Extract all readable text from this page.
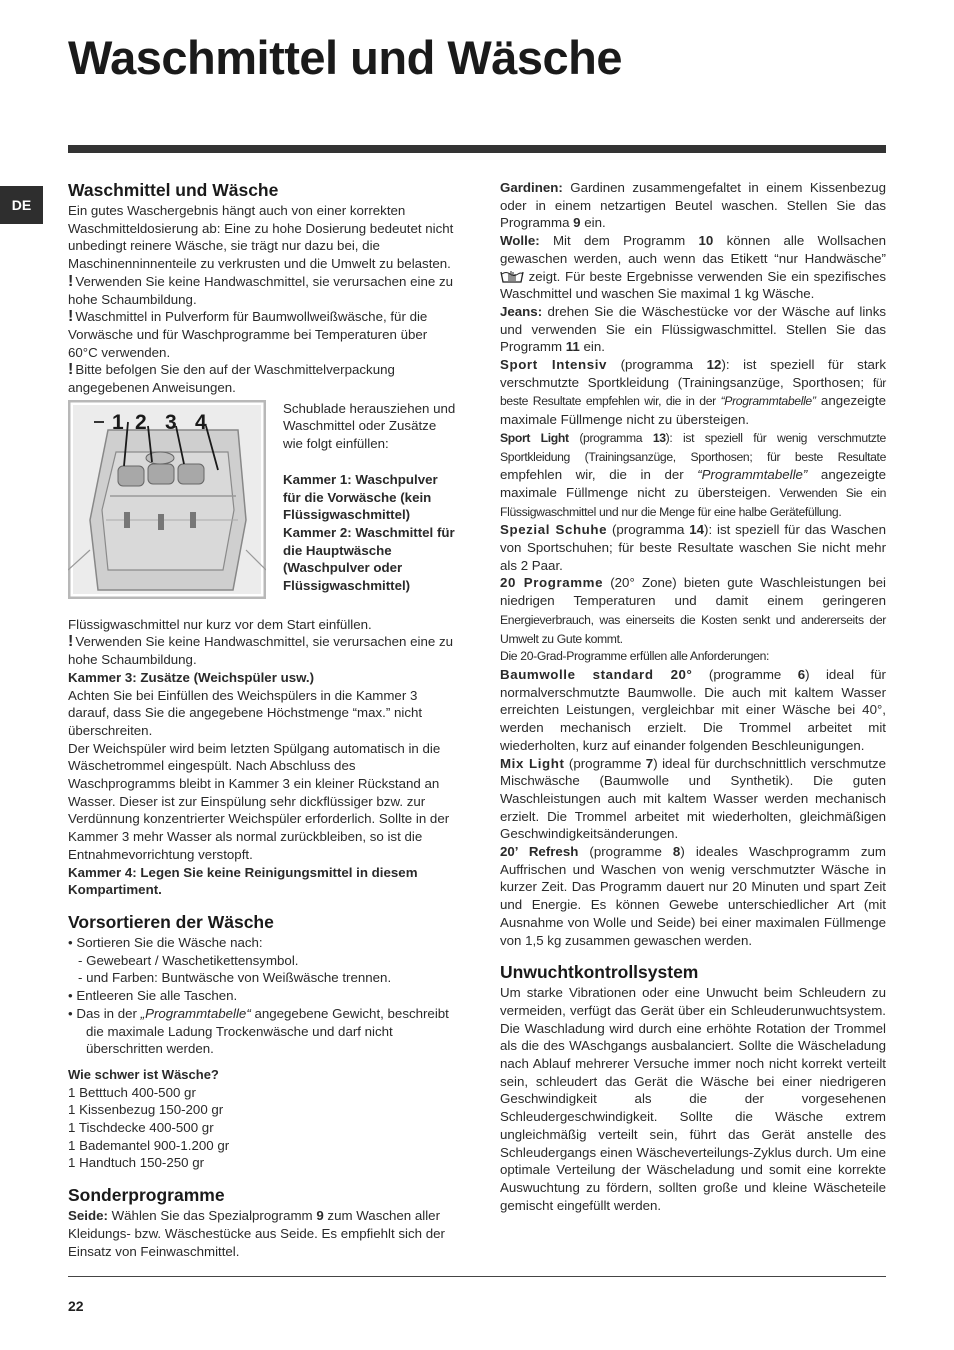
Waschmittel und Wäsche
DE
Waschmittel und Wäsche

Ein gutes Waschergebnis hängt auch von einer korrekten Waschmitteldosierung ab: Eine zu hohe Dosierung bedeutet nicht unbedingt reinere Wäsche, sie trägt nur dazu bei, die Maschinenninnenteile zu verkrusten und die Umwelt zu belasten.

! Verwenden Sie keine Handwaschmittel, sie verursachen eine zu hohe Schaumbildung.

! Waschmittel in Pulverform für Baumwollweißwäsche, für die Vorwäsche und für Waschprogramme bei Temperaturen über 60°C verwenden.

! Bitte befolgen Sie den auf der Waschmittelverpackung angegebenen Anweisungen.

1 2 3 4

Schublade herausziehen und Waschmittel oder Zusätze wie folgt einfüllen:

Kammer 1: Waschpulver für die Vorwäsche (kein Flüssigwaschmittel)

Kammer 2: Waschmittel für die Hauptwäsche (Waschpulver oder Flüssigwaschmittel)

Flüssigwaschmittel nur kurz vor dem Start einfüllen.

! Verwenden Sie keine Handwaschmittel, sie verursachen eine zu hohe Schaumbildung.

Kammer 3: Zusätze (Weichspüler usw.)

Achten Sie bei Einfüllen des Weichspülers in die Kammer 3 darauf, dass Sie die angegebene Höchstmenge “max.” nicht überschreiten.

Der Weichspüler wird beim letzten Spülgang automatisch in die Wäschetrommel eingespült. Nach Abschluss des Waschprogramms bleibt in Kammer 3 ein kleiner Rückstand an Wasser. Dieser ist zur Einspülung sehr dickflüssiger bzw. zur Verdünnung konzentrierter Weichspüler erforderlich. Sollte in der Kammer 3 mehr Wasser als normal zurückbleiben, so ist die Entnahmevorrichtung verstopft.

Kammer 4: Legen Sie keine Reinigungsmittel in diesem Kompartiment.

Vorsortieren der Wäsche

• Sortieren Sie die Wäsche nach:

- Gewebeart / Waschetikettensymbol.

- und Farben: Buntwäsche von Weißwäsche trennen.

• Entleeren Sie alle Taschen.

• Das in der „Programmtabelle“ angegebene Gewicht, beschreibt die maximale Ladung Trockenwäsche und darf nicht überschritten werden.

Wie schwer ist Wäsche?

1 Betttuch 400-500 gr

1 Kissenbezug 150-200 gr

1 Tischdecke 400-500 gr

1 Bademantel 900-1.200 gr

1 Handtuch 150-250 gr

Sonderprogramme

Seide: Wählen Sie das Spezialprogramm 9 zum Waschen aller Kleidungs- bzw. Wäschestücke aus Seide. Es empfiehlt sich der Einsatz von Feinwaschmittel.

Gardinen: Gardinen zusammengefaltet in einem Kissenbezug oder in einem netzartigen Beutel waschen. Stellen Sie das Programma 9 ein.

Wolle: Mit dem Programm 10 können alle Wollsachen gewaschen werden, auch wenn das Etikett “nur Handwäsche”  zeigt. Für beste Ergebnisse verwenden Sie ein spezifisches Waschmittel und waschen Sie maximal 1 kg Wäsche.

Jeans: drehen Sie die Wäschestücke vor der Wäsche auf links und verwenden Sie ein Flüssigwaschmittel. Stellen Sie das Programm 11 ein.

Sport Intensiv (programma 12): ist speziell für stark verschmutzte Sportkleidung (Trainingsanzüge, Sporthosen; für beste Resultate empfehlen wir, die in der “Programmtabelle” angezeigte maximale Füllmenge nicht zu übersteigen.

Sport Light (programma 13): ist speziell für wenig verschmutzte Sportkleidung (Trainingsanzüge, Sporthosen; für beste Resultate empfehlen wir, die in der “Programmtabelle” angezeigte maximale Füllmenge nicht zu übersteigen. Verwenden Sie ein Flüssigwaschmittel und nur die Menge für eine halbe Gerätefüllung.

Spezial Schuhe (programma 14): ist speziell für das Waschen von Sportschuhen; für beste Resultate waschen Sie nicht mehr als 2 Paar.

20 Programme (20° Zone) bieten gute Waschleistungen bei niedrigen Temperaturen und damit einem geringeren Energieverbrauch, was einerseits die Kosten senkt und andererseits der Umwelt zu Gute kommt.

Die 20-Grad-Programme erfüllen alle Anforderungen:

Baumwolle standard 20° (programme 6) ideal für normalverschmutzte Baumwolle. Die auch mit kaltem Wasser erreichten Leistungen, vergleichbar mit einer Wäsche bei 40°, werden mechanisch erzielt. Die Trommel arbeitet mit wiederholten, kurz auf einander folgenden Beschleunigungen.

Mix Light (programme 7) ideal für durchschnittlich verschmutze Mischwäsche (Baumwolle und Synthetik). Die guten Waschleistungen auch mit kaltem Wasser werden mechanisch erzielt. Die Trommel arbeitet mit wiederholten, gleichmäßigen Geschwindigkeitsänderungen.

20’ Refresh (programme 8) ideales Waschprogramm zum Auffrischen und Waschen von wenig verschmutzter Wäsche in kurzer Zeit. Das Programm dauert nur 20 Minuten und spart Zeit und Energie. Es können Gewebe unterschiedlicher Art (mit Ausnahme von Wolle und Seide) bei einer maximalen Füllmenge von 1,5 kg zusammen gewaschen werden.

Unwuchtkontrollsystem

Um starke Vibrationen oder eine Unwucht beim Schleudern zu vermeiden, verfügt das Gerät über ein Schleuderunwuchtsystem. Die Waschladung wird durch eine erhöhte Rotation der Trommel als die des WAschgangs ausbalanciert. Sollte die Wäscheladung nach Ablauf mehrerer Versuche immer noch nicht korrekt verteilt sein, schleudert das Gerät die Wäsche bei einer niedrigeren Geschwindigkeit als die der vorgesehenen Schleudergeschwindigkeit. Sollte die Wäsche extrem ungleichmäßig verteilt sein, führt das Gerät anstelle des Schleudergangs einen Wäscheverteilungs-Zyklus durch. Um eine optimale Verteilung der Wäscheladung und somit eine korrekte Auswuchtung zu fördern, sollten große und kleine Wäscheteile gemischt eingefüllt werden.

22
